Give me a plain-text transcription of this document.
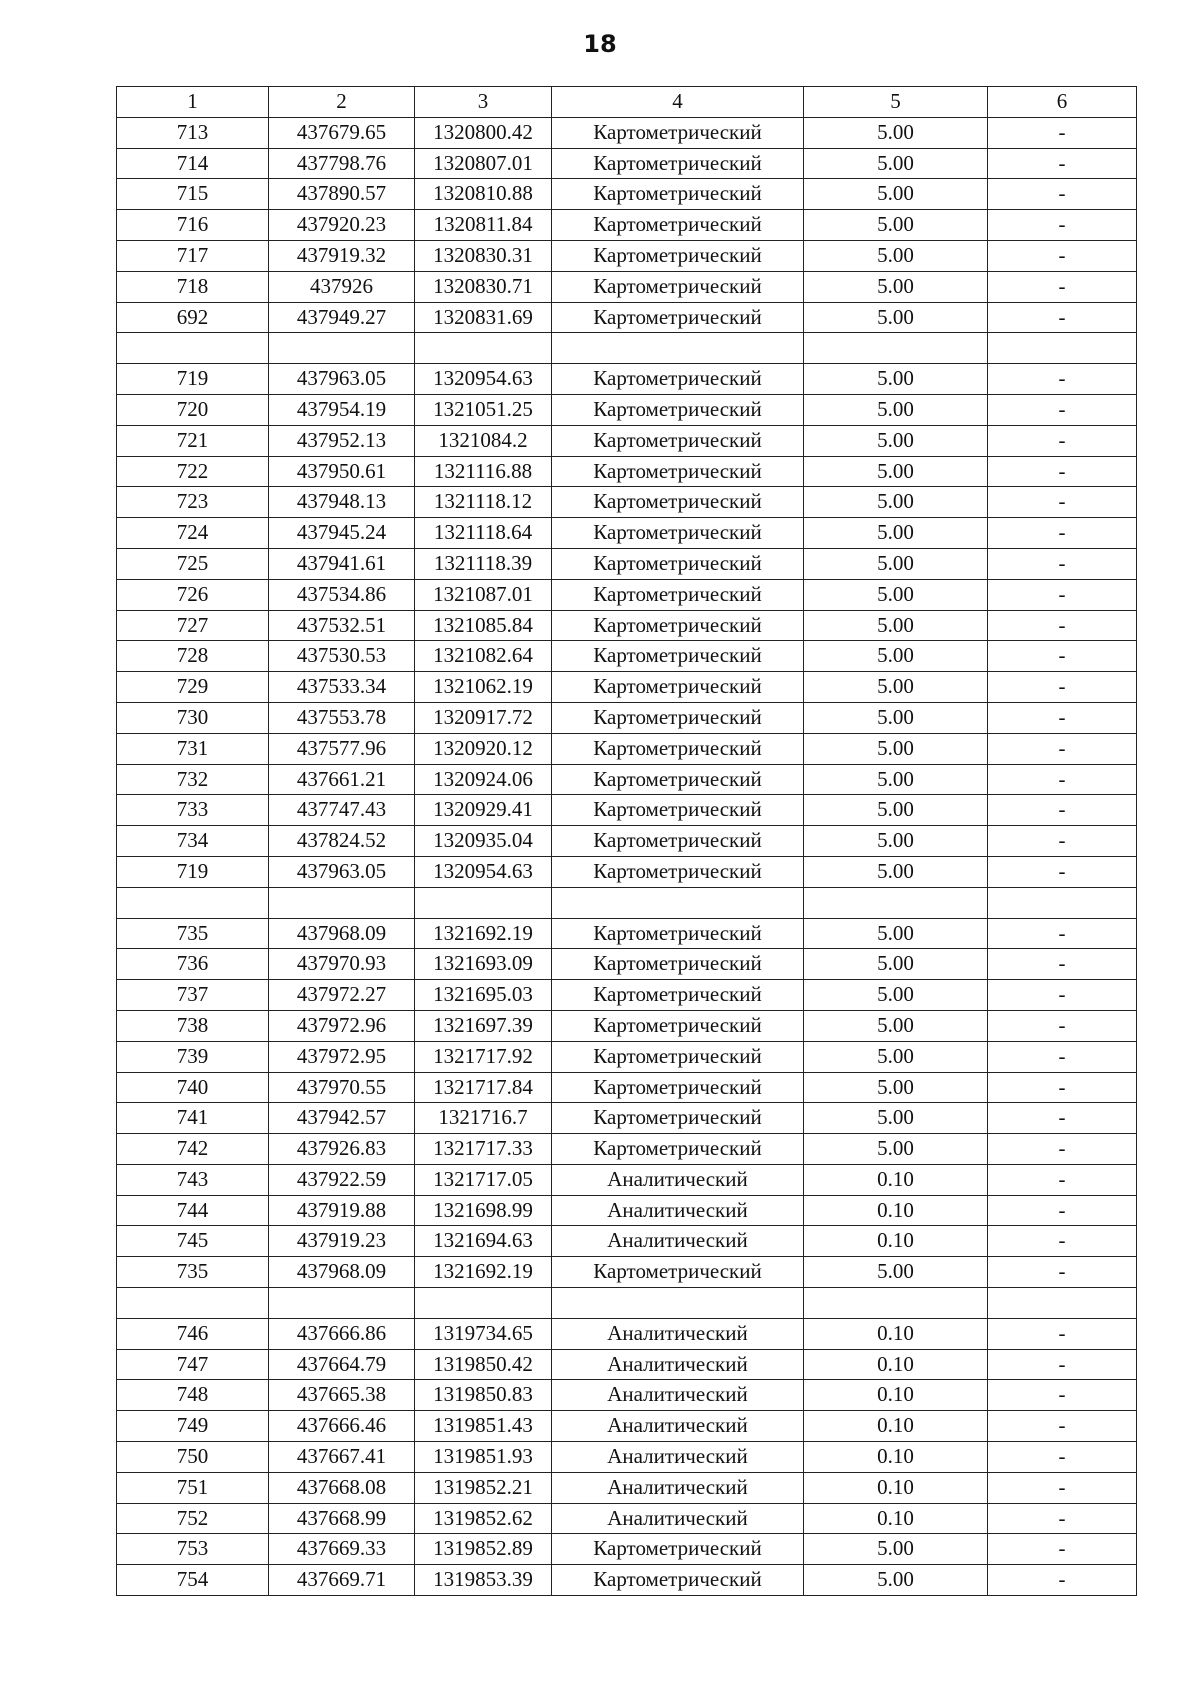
18
1	2	3	4	5	6
713	437679.65	1320800.42	Картометрический	5.00	-
714	437798.76	1320807.01	Картометрический	5.00	-
715	437890.57	1320810.88	Картометрический	5.00	-
716	437920.23	1320811.84	Картометрический	5.00	-
717	437919.32	1320830.31	Картометрический	5.00	-
718	437926	1320830.71	Картометрический	5.00	-
692	437949.27	1320831.69	Картометрический	5.00	-

719	437963.05	1320954.63	Картометрический	5.00	-
720	437954.19	1321051.25	Картометрический	5.00	-
721	437952.13	1321084.2	Картометрический	5.00	-
722	437950.61	1321116.88	Картометрический	5.00	-
723	437948.13	1321118.12	Картометрический	5.00	-
724	437945.24	1321118.64	Картометрический	5.00	-
725	437941.61	1321118.39	Картометрический	5.00	-
726	437534.86	1321087.01	Картометрический	5.00	-
727	437532.51	1321085.84	Картометрический	5.00	-
728	437530.53	1321082.64	Картометрический	5.00	-
729	437533.34	1321062.19	Картометрический	5.00	-
730	437553.78	1320917.72	Картометрический	5.00	-
731	437577.96	1320920.12	Картометрический	5.00	-
732	437661.21	1320924.06	Картометрический	5.00	-
733	437747.43	1320929.41	Картометрический	5.00	-
734	437824.52	1320935.04	Картометрический	5.00	-
719	437963.05	1320954.63	Картометрический	5.00	-

735	437968.09	1321692.19	Картометрический	5.00	-
736	437970.93	1321693.09	Картометрический	5.00	-
737	437972.27	1321695.03	Картометрический	5.00	-
738	437972.96	1321697.39	Картометрический	5.00	-
739	437972.95	1321717.92	Картометрический	5.00	-
740	437970.55	1321717.84	Картометрический	5.00	-
741	437942.57	1321716.7	Картометрический	5.00	-
742	437926.83	1321717.33	Картометрический	5.00	-
743	437922.59	1321717.05	Аналитический	0.10	-
744	437919.88	1321698.99	Аналитический	0.10	-
745	437919.23	1321694.63	Аналитический	0.10	-
735	437968.09	1321692.19	Картометрический	5.00	-

746	437666.86	1319734.65	Аналитический	0.10	-
747	437664.79	1319850.42	Аналитический	0.10	-
748	437665.38	1319850.83	Аналитический	0.10	-
749	437666.46	1319851.43	Аналитический	0.10	-
750	437667.41	1319851.93	Аналитический	0.10	-
751	437668.08	1319852.21	Аналитический	0.10	-
752	437668.99	1319852.62	Аналитический	0.10	-
753	437669.33	1319852.89	Картометрический	5.00	-
754	437669.71	1319853.39	Картометрический	5.00	-
